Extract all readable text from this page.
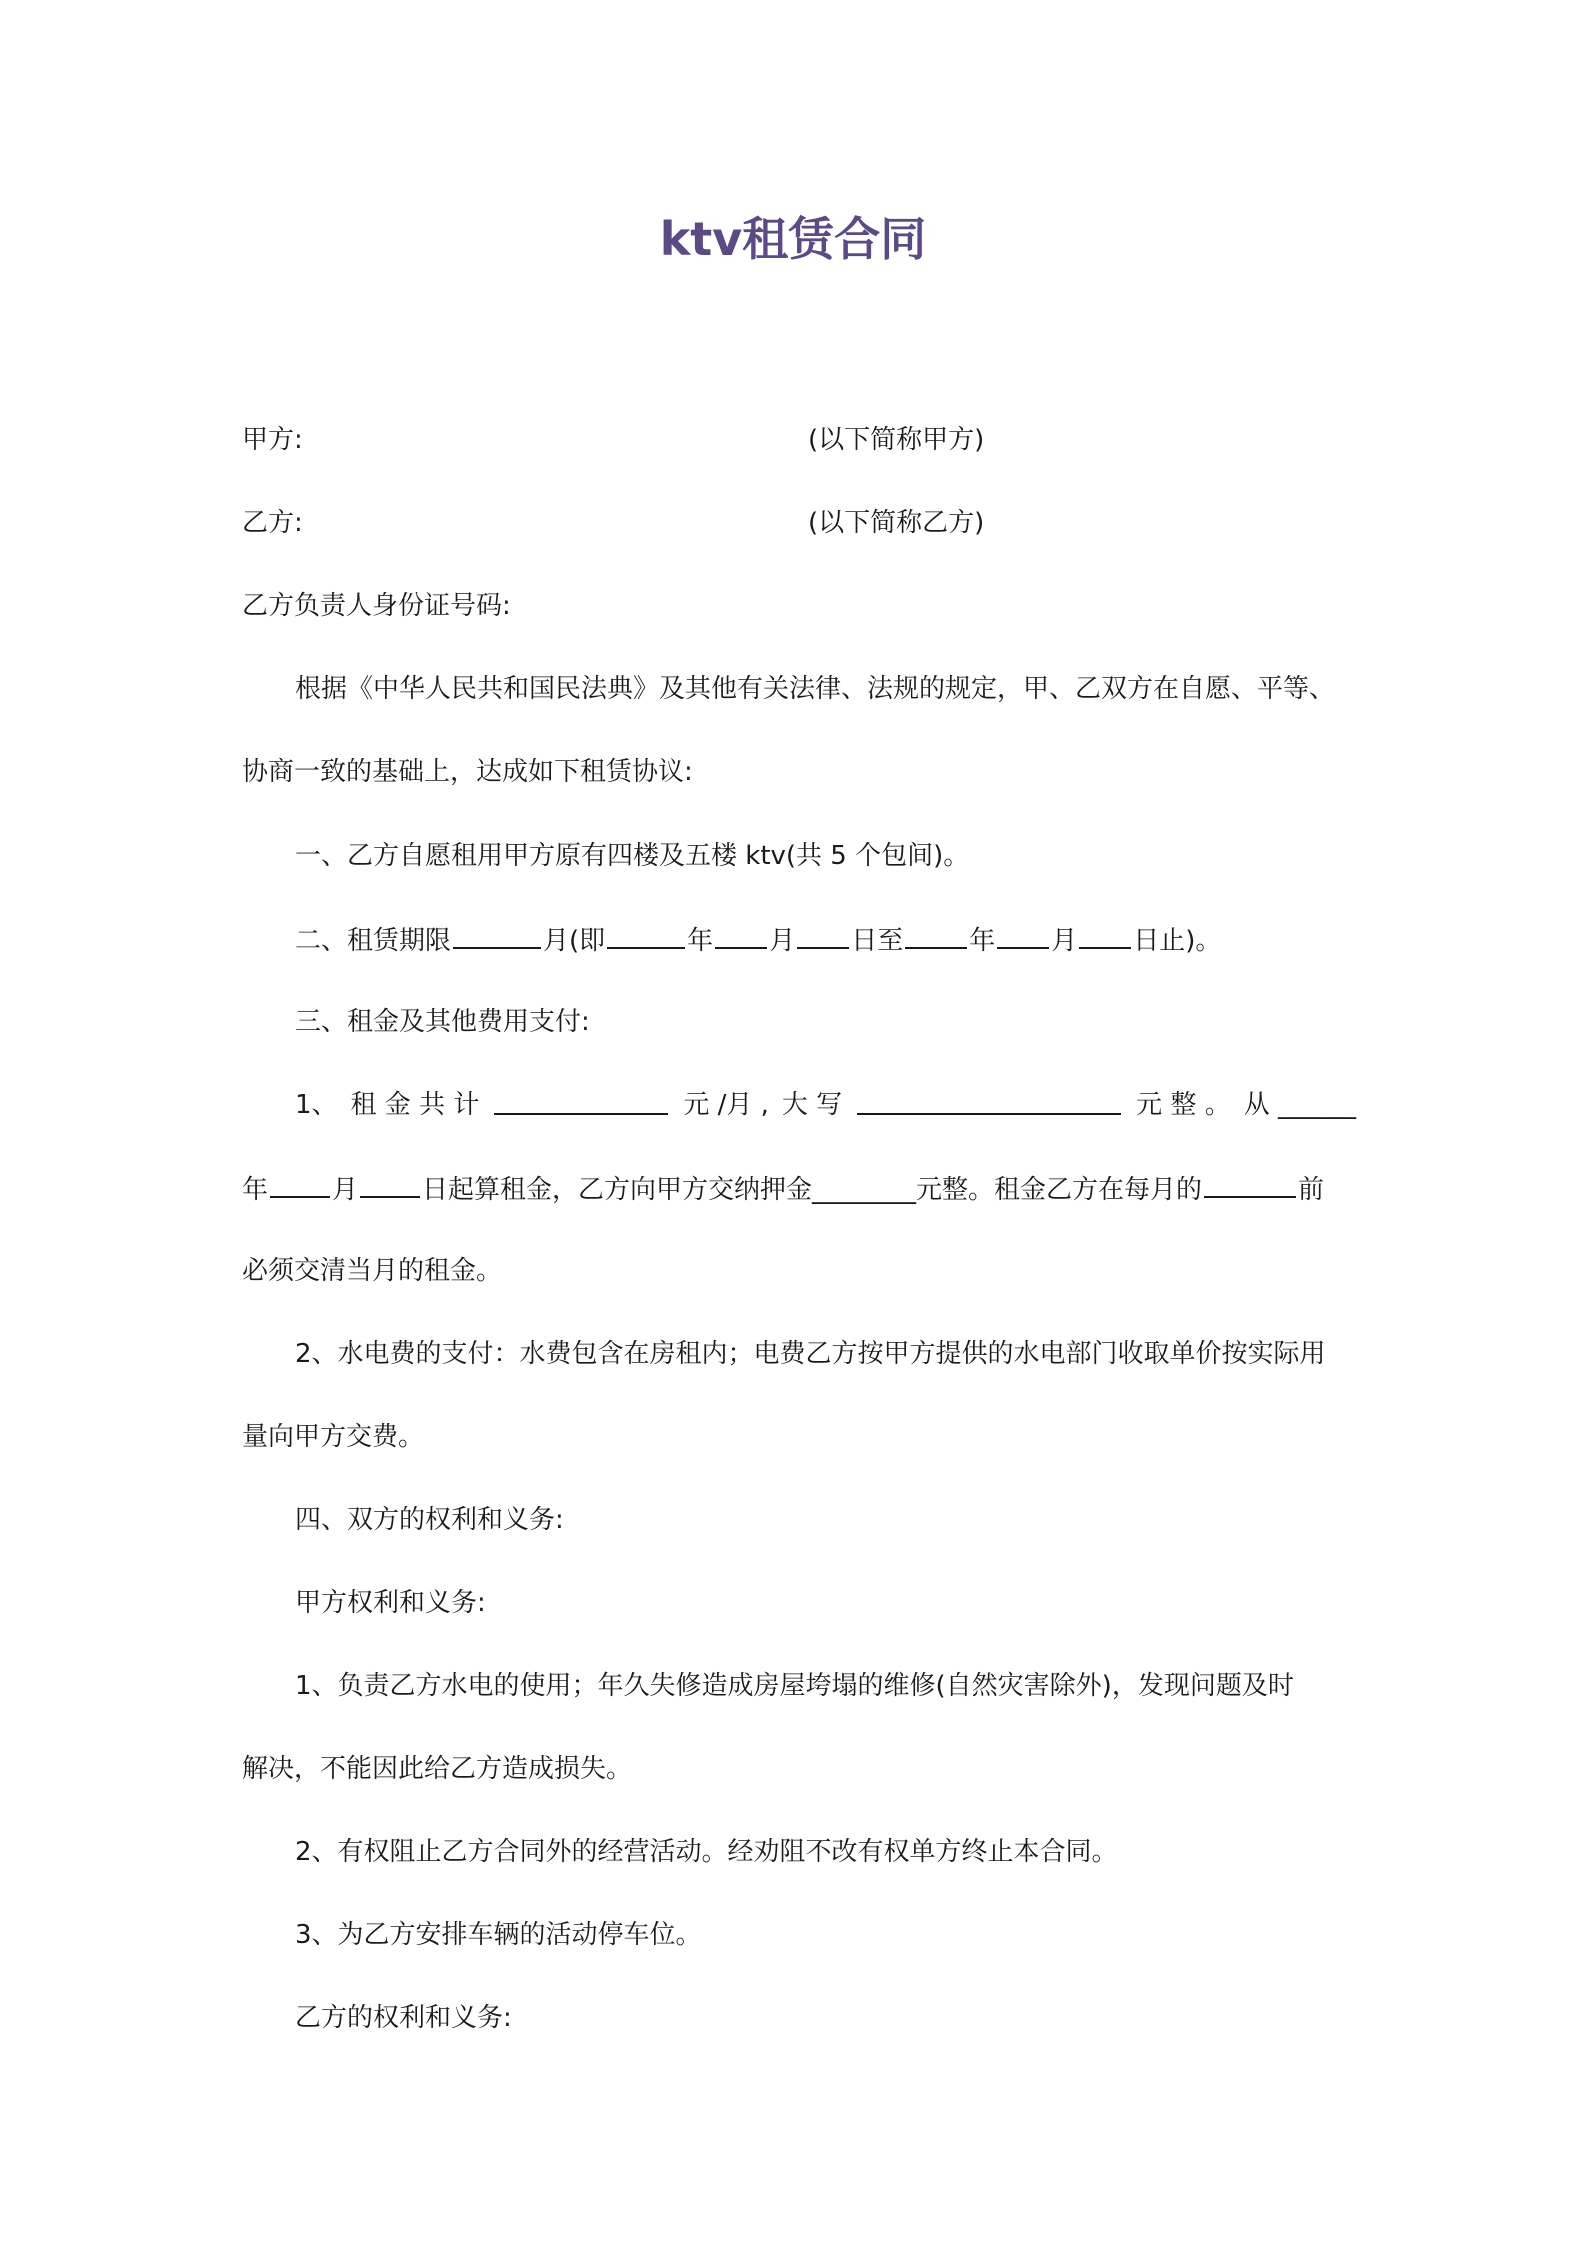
ktv租赁合同
甲方:	(以下简称甲方)
乙方:	(以下简称乙方)
乙方负责人身份证号码:
根据《中华人民共和国民法典》及其他有关法律、法规的规定，甲、乙双方在自愿、平等、
协商一致的基础上，达成如下租赁协议:
一、乙方自愿租用甲方原有四楼及五楼 ktv(共 5 个包间)。
二、租赁期限	月(即	年 月 日至	年 月 日止)。
三、租金及其他费用支付:
1、 租 金 共 计	元 /月 , 大 写	元 整 。 从 ______
年 月 日起算租金，乙方向甲方交纳押金________元整。租金乙方在每月的	前
必须交清当月的租金。
2、水电费的支付：水费包含在房租内；电费乙方按甲方提供的水电部门收取单价按实际用
量向甲方交费。
四、双方的权利和义务:
甲方权利和义务:
1、负责乙方水电的使用；年久失修造成房屋垮塌的维修(自然灾害除外)，发现问题及时
解决，不能因此给乙方造成损失。
2、有权阻止乙方合同外的经营活动。经劝阻不改有权单方终止本合同。
3、为乙方安排车辆的活动停车位。
乙方的权利和义务:
